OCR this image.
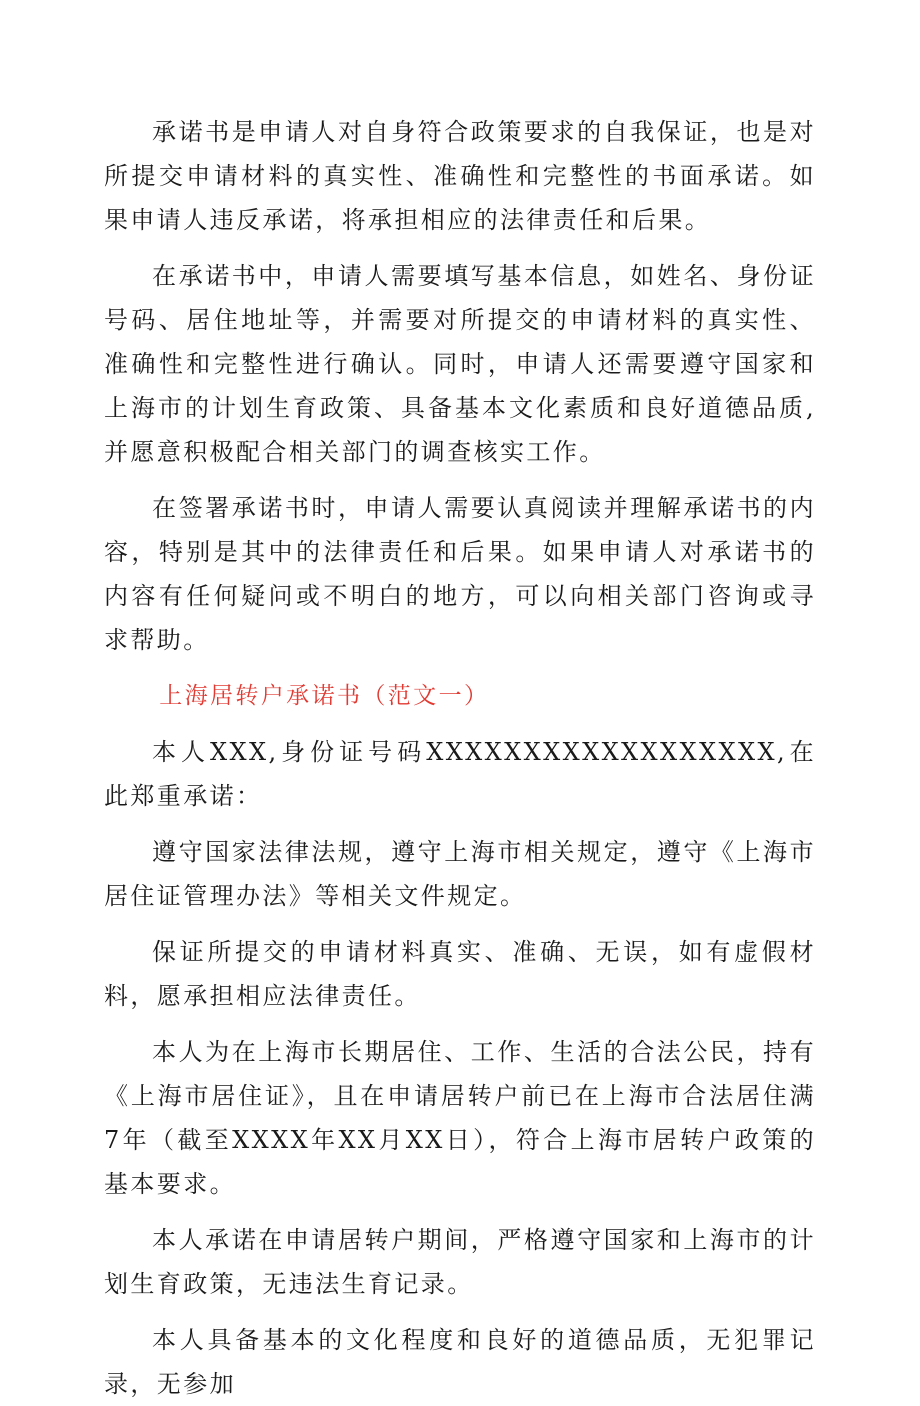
承诺书是申请人对自身符合政策要求的自我保证，也是对所提交申请材料的真实性、准确性和完整性的书面承诺。如果申请人违反承诺，将承担相应的法律责任和后果。

在承诺书中，申请人需要填写基本信息，如姓名、身份证号码、居住地址等，并需要对所提交的申请材料的真实性、准确性和完整性进行确认。同时，申请人还需要遵守国家和上海市的计划生育政策、具备基本文化素质和良好道德品质,并愿意积极配合相关部门的调查核实工作。

在签署承诺书时，申请人需要认真阅读并理解承诺书的内容，特别是其中的法律责任和后果。如果申请人对承诺书的内容有任何疑问或不明白的地方，可以向相关部门咨询或寻求帮助。

上海居转户承诺书（范文一）

本人XXX,身份证号码XXXXXXXXXXXXXXXXXX,在此郑重承诺：

遵守国家法律法规，遵守上海市相关规定，遵守《上海市居住证管理办法》等相关文件规定。

保证所提交的申请材料真实、准确、无误，如有虚假材料，愿承担相应法律责任。

本人为在上海市长期居住、工作、生活的合法公民，持有《上海市居住证》，且在申请居转户前已在上海市合法居住满7年（截至XXXX年XX月XX日），符合上海市居转户政策的基本要求。

本人承诺在申请居转户期间，严格遵守国家和上海市的计划生育政策，无违法生育记录。

本人具备基本的文化程度和良好的道德品质，无犯罪记录，无参加
